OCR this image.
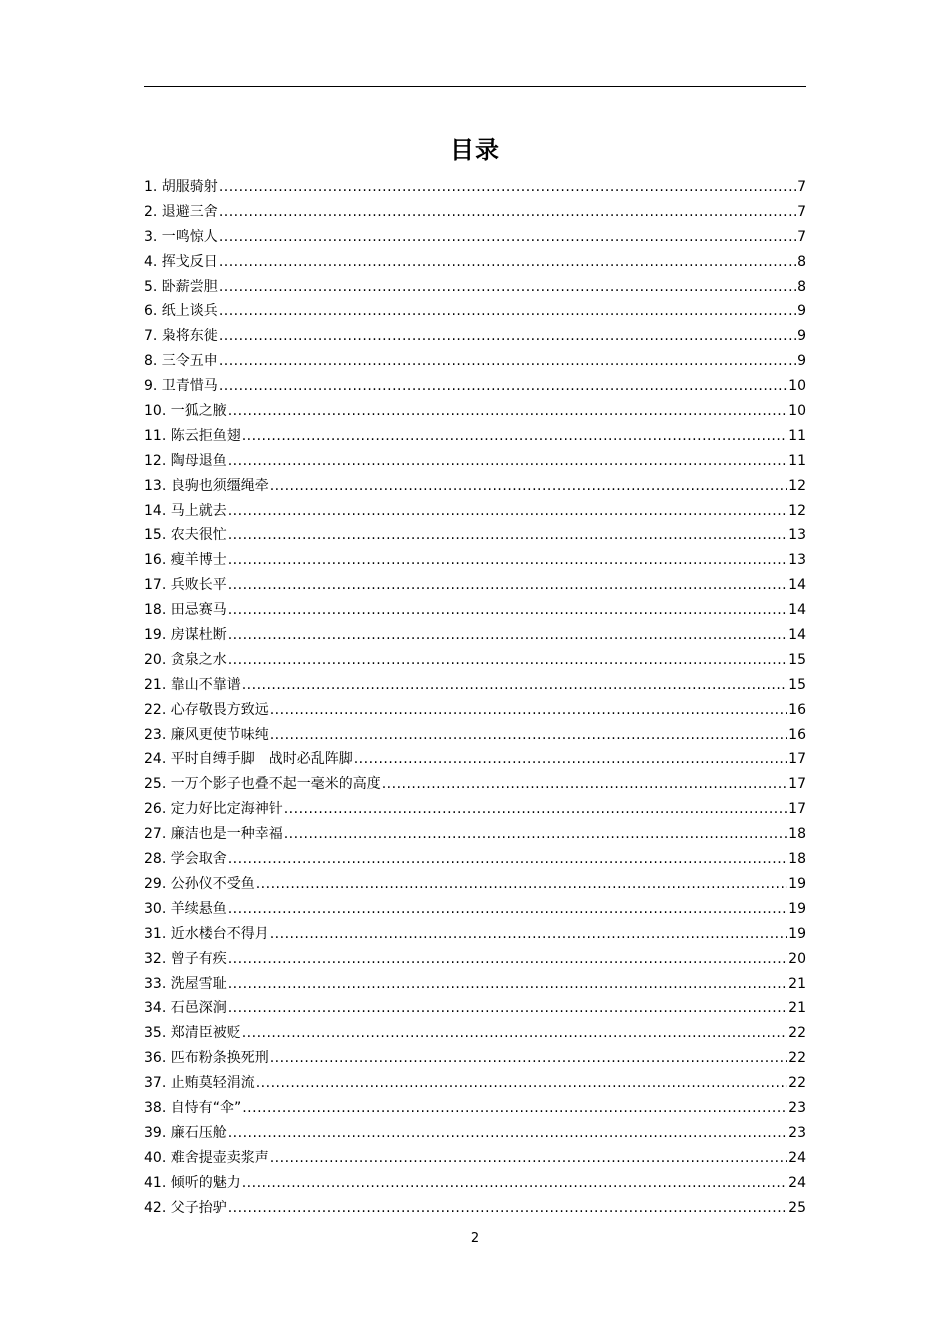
目录
1. 胡服骑射 .....	7
2. 退避三舍 .....	7
3. 一鸣惊人 .....	7
4. 挥戈反日 .....	8
5. 卧薪尝胆 .....	8
6. 纸上谈兵 .....	9
7. 枭将东徙 .....	9
8. 三令五申 .....	9
9. 卫青惜马 .....	10
10. 一狐之腋 .....	10
11. 陈云拒鱼翅 .....	11
12. 陶母退鱼 .....	11
13. 良驹也须缰绳牵 .....	12
14. 马上就去 .....	12
15. 农夫很忙 .....	13
16. 瘦羊博士 .....	13
17. 兵败长平 .....	14
18. 田忌赛马 .....	14
19. 房谋杜断 .....	14
20. 贪泉之水 .....	15
21. 靠山不靠谱 .....	15
22. 心存敬畏方致远 .....	16
23. 廉风更使节味纯 .....	16
24. 平时自缚手脚　战时必乱阵脚 .....	17
25. 一万个影子也叠不起一毫米的高度 .....	17
26. 定力好比定海神针 .....	17
27. 廉洁也是一种幸福 .....	18
28. 学会取舍 .....	18
29. 公孙仪不受鱼 .....	19
30. 羊续悬鱼 .....	19
31. 近水楼台不得月 .....	19
32. 曾子有疾 .....	20
33. 洗屋雪耻 .....	21
34. 石邑深涧 .....	21
35. 郑清臣被贬 .....	22
36. 匹布粉条换死刑 .....	22
37. 止贿莫轻涓流 .....	22
38. 自恃有“伞” .....	23
39. 廉石压舱 .....	23
40. 难舍提壶卖浆声 .....	24
41. 倾听的魅力 .....	24
42. 父子抬驴 .....	25
2
